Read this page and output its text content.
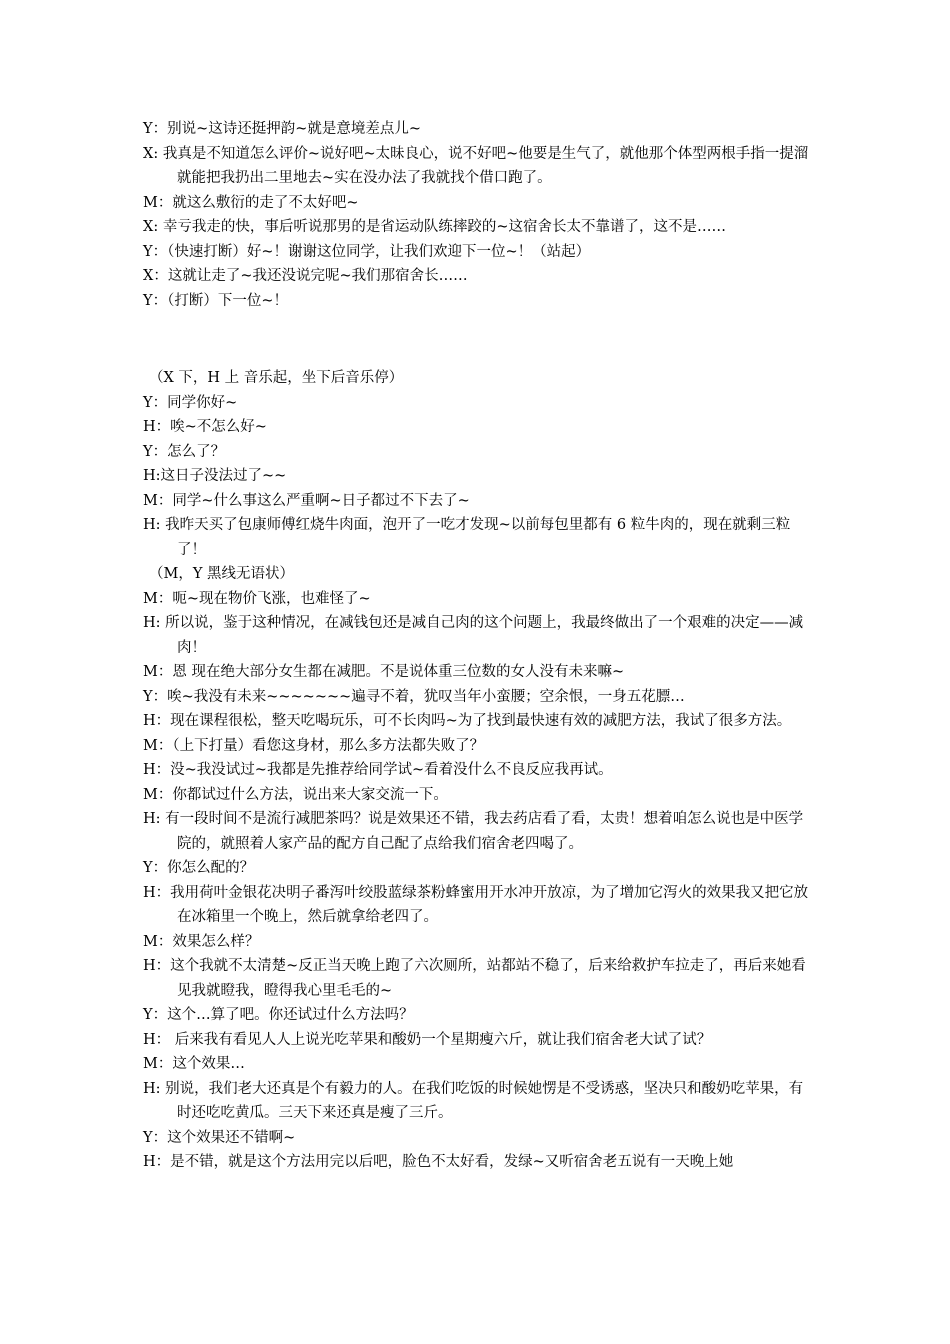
Y：别说~这诗还挺押韵~就是意境差点儿~
X: 我真是不知道怎么评价~说好吧~太昧良心，说不好吧~他要是生气了，就他那个体型两根手指一提溜就能把我扔出二里地去~实在没办法了我就找个借口跑了。
M：就这么敷衍的走了不太好吧~
X: 幸亏我走的快，事后听说那男的是省运动队练摔跤的~这宿舍长太不靠谱了，这不是……
Y：（快速打断）好~！谢谢这位同学，让我们欢迎下一位~！（站起）
X：这就让走了~我还没说完呢~我们那宿舍长……
Y：（打断）下一位~！
（X 下，H 上 音乐起，坐下后音乐停）
Y：同学你好~
H：唉~不怎么好~
Y：怎么了？
H:这日子没法过了~~
M：同学~什么事这么严重啊~日子都过不下去了~
H: 我昨天买了包康师傅红烧牛肉面，泡开了一吃才发现~以前每包里都有 6 粒牛肉的，现在就剩三粒了！
（M，Y 黑线无语状）
M：呃~现在物价飞涨，也难怪了~
H: 所以说，鉴于这种情况，在减钱包还是减自己肉的这个问题上，我最终做出了一个艰难的决定——减肉！
M：恩 现在绝大部分女生都在减肥。不是说体重三位数的女人没有未来嘛~
Y：唉~我没有未来~~~~~~~遍寻不着，犹叹当年小蛮腰；空余恨，一身五花膘…
H：现在课程很松，整天吃喝玩乐，可不长肉吗~为了找到最快速有效的减肥方法，我试了很多方法。
M：（上下打量）看您这身材，那么多方法都失败了？
H：没~我没试过~我都是先推荐给同学试~看着没什么不良反应我再试。
M：你都试过什么方法，说出来大家交流一下。
H: 有一段时间不是流行减肥茶吗？说是效果还不错，我去药店看了看，太贵！想着咱怎么说也是中医学院的，就照着人家产品的配方自己配了点给我们宿舍老四喝了。
Y：你怎么配的？
H：我用荷叶金银花决明子番泻叶绞股蓝绿茶粉蜂蜜用开水冲开放凉，为了增加它泻火的效果我又把它放在冰箱里一个晚上，然后就拿给老四了。
M：效果怎么样？
H：这个我就不太清楚~反正当天晚上跑了六次厕所，站都站不稳了，后来给救护车拉走了，再后来她看见我就瞪我，瞪得我心里毛毛的~
Y：这个…算了吧。你还试过什么方法吗？
H： 后来我有看见人人上说光吃苹果和酸奶一个星期瘦六斤，就让我们宿舍老大试了试？
M：这个效果…
H: 别说，我们老大还真是个有毅力的人。在我们吃饭的时候她愣是不受诱惑，坚决只和酸奶吃苹果，有时还吃吃黄瓜。三天下来还真是瘦了三斤。
Y：这个效果还不错啊~
H：是不错，就是这个方法用完以后吧，脸色不太好看，发绿~又听宿舍老五说有一天晚上她
